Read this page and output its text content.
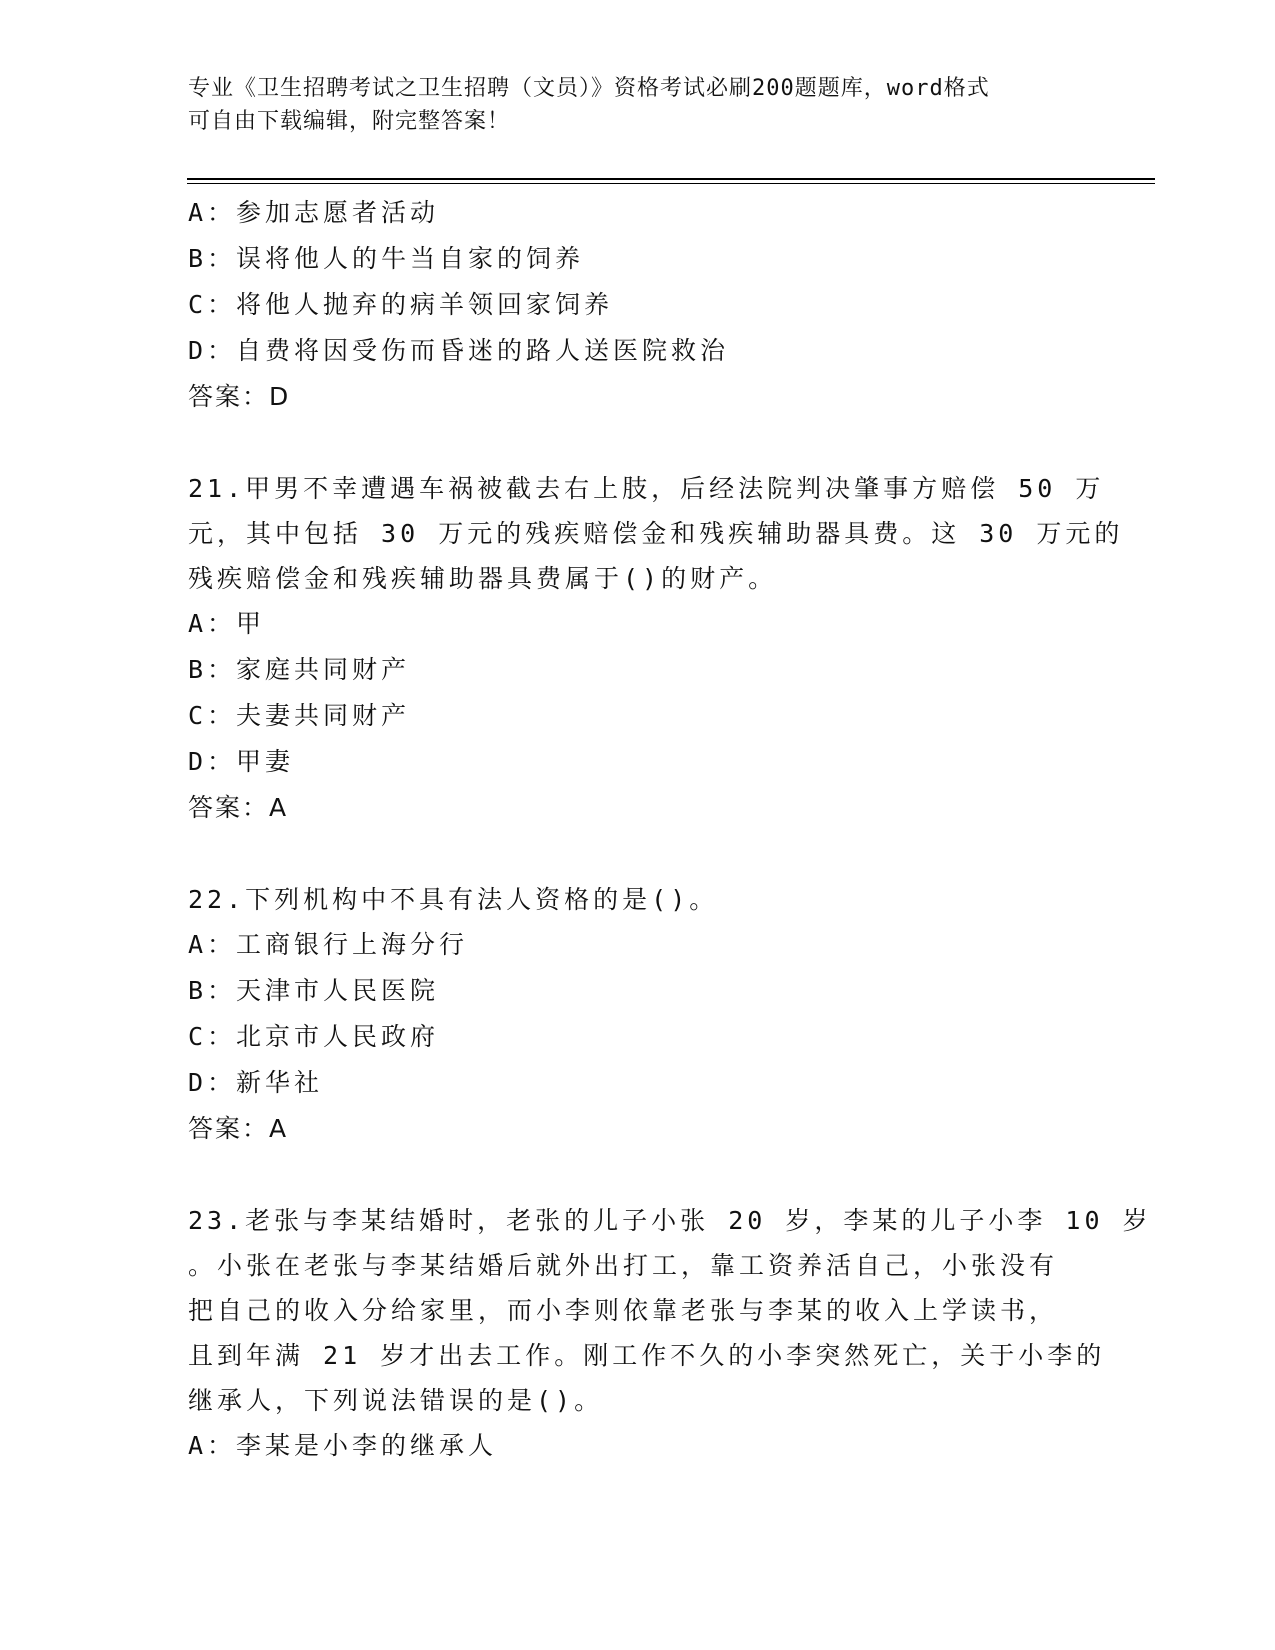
专业《卫生招聘考试之卫生招聘（文员）》资格考试必刷200题题库，word格式
可自由下载编辑，附完整答案！
A：参加志愿者活动
B：误将他人的牛当自家的饲养
C：将他人抛弃的病羊领回家饲养
D：自费将因受伤而昏迷的路人送医院救治
答案：D
21.甲男不幸遭遇车祸被截去右上肢，后经法院判决肇事方赔偿 50 万
元，其中包括 30 万元的残疾赔偿金和残疾辅助器具费。这 30 万元的
残疾赔偿金和残疾辅助器具费属于()的财产。
A：甲
B：家庭共同财产
C：夫妻共同财产
D：甲妻
答案：A
22.下列机构中不具有法人资格的是()。
A：工商银行上海分行
B：天津市人民医院
C：北京市人民政府
D：新华社
答案：A
23.老张与李某结婚时，老张的儿子小张 20 岁，李某的儿子小李 10 岁
。小张在老张与李某结婚后就外出打工，靠工资养活自己，小张没有
把自己的收入分给家里，而小李则依靠老张与李某的收入上学读书，
且到年满 21 岁才出去工作。刚工作不久的小李突然死亡，关于小李的
继承人，下列说法错误的是()。
A：李某是小李的继承人
